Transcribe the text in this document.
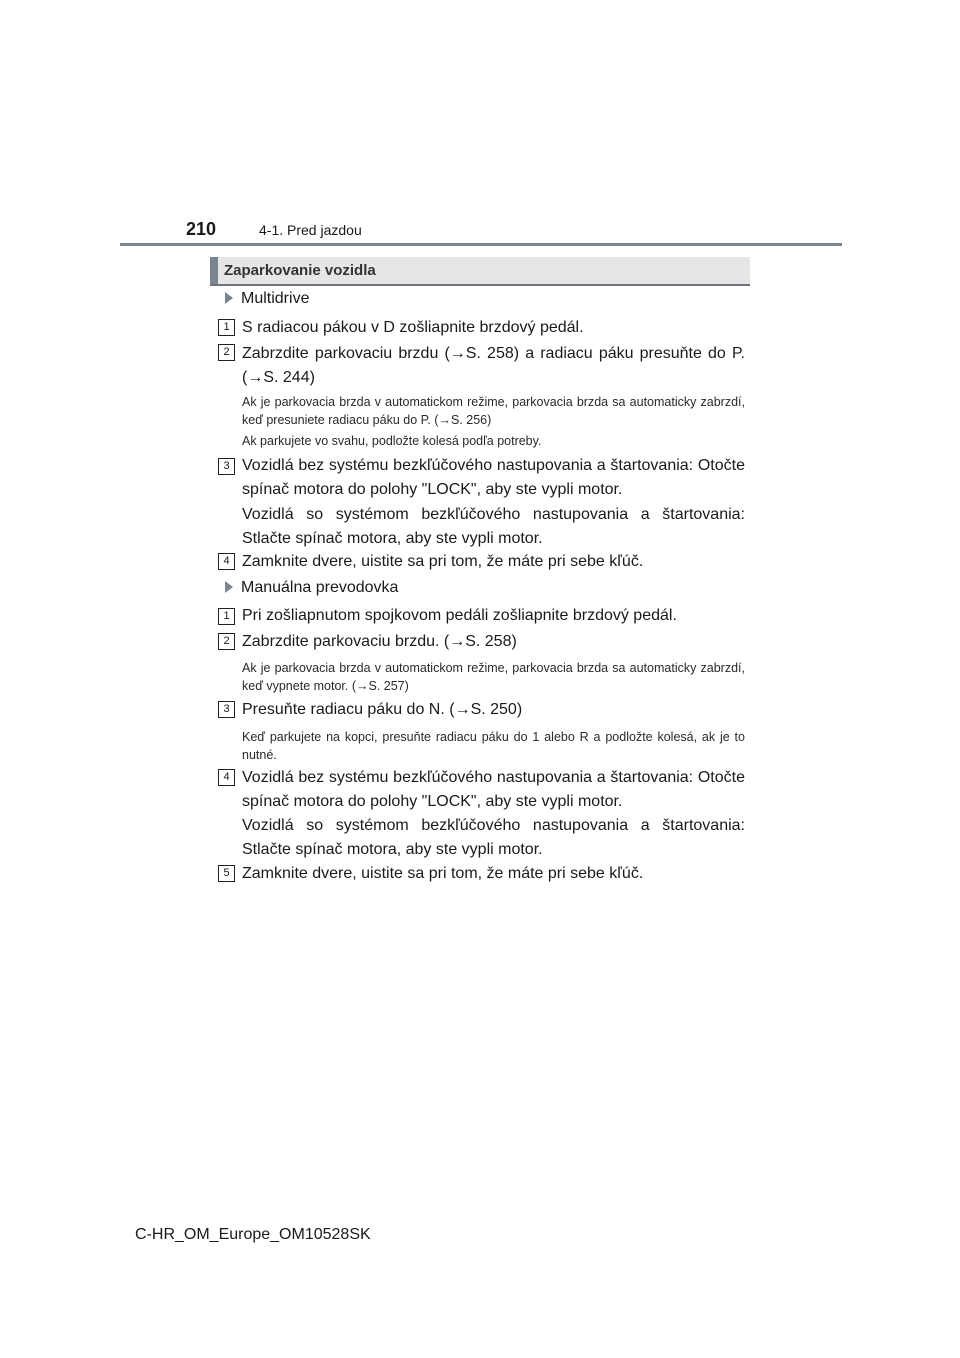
210	4-1. Pred jazdou
Zaparkovanie vozidla
Multidrive
1 S radiacou pákou v D zošliapnite brzdový pedál.
2 Zabrzdite parkovaciu brzdu (→S. 258) a radiacu páku presuňte do P. (→S. 244)
Ak je parkovacia brzda v automatickom režime, parkovacia brzda sa automaticky zabrzdí, keď presuniete radiacu páku do P. (→S. 256)
Ak parkujete vo svahu, podložte kolesá podľa potreby.
3 Vozidlá bez systému bezkľúčového nastupovania a štartovania: Otočte spínač motora do polohy "LOCK", aby ste vypli motor.
Vozidlá so systémom bezkľúčového nastupovania a štartovania: Stlačte spínač motora, aby ste vypli motor.
4 Zamknite dvere, uistite sa pri tom, že máte pri sebe kľúč.
Manuálna prevodovka
1 Pri zošliapnutom spojkovom pedáli zošliapnite brzdový pedál.
2 Zabrzdite parkovaciu brzdu. (→S. 258)
Ak je parkovacia brzda v automatickom režime, parkovacia brzda sa automaticky zabrzdí, keď vypnete motor. (→S. 257)
3 Presuňte radiacu páku do N. (→S. 250)
Keď parkujete na kopci, presuňte radiacu páku do 1 alebo R a podložte kolesá, ak je to nutné.
4 Vozidlá bez systému bezkľúčového nastupovania a štartovania: Otočte spínač motora do polohy "LOCK", aby ste vypli motor.
Vozidlá so systémom bezkľúčového nastupovania a štartovania: Stlačte spínač motora, aby ste vypli motor.
5 Zamknite dvere, uistite sa pri tom, že máte pri sebe kľúč.
C-HR_OM_Europe_OM10528SK
